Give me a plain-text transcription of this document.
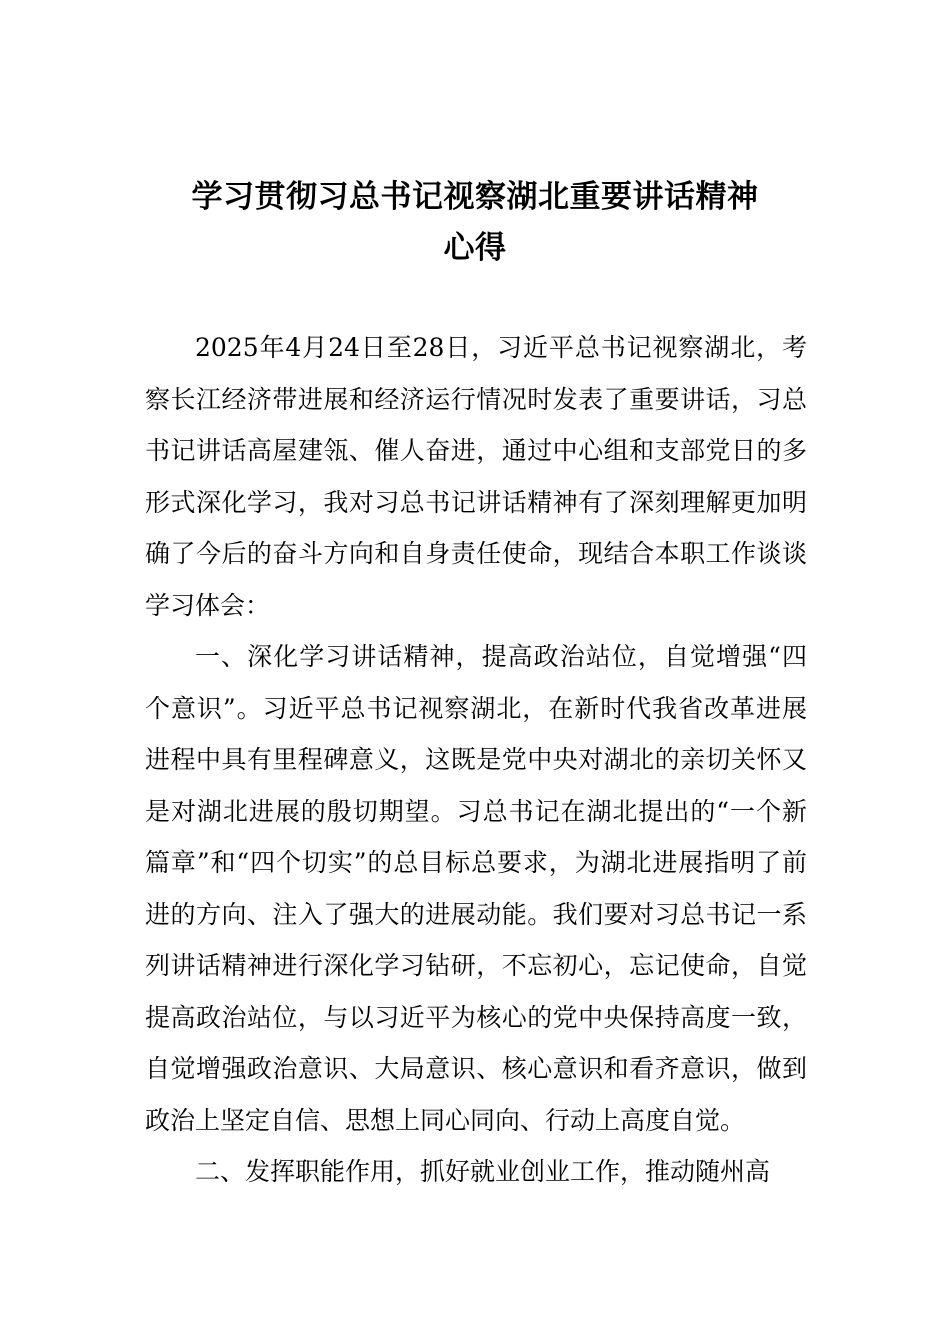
学习贯彻习总书记视察湖北重要讲话精神
心得

2025年4月24日至28日，习近平总书记视察湖北，考察长江经济带进展和经济运行情况时发表了重要讲话，习总书记讲话高屋建瓴、催人奋进，通过中心组和支部党日的多形式深化学习，我对习总书记讲话精神有了深刻理解更加明确了今后的奋斗方向和自身责任使命，现结合本职工作谈谈学习体会：

一、深化学习讲话精神，提高政治站位，自觉增强“四个意识”。习近平总书记视察湖北，在新时代我省改革进展进程中具有里程碑意义，这既是党中央对湖北的亲切关怀又是对湖北进展的殷切期望。习总书记在湖北提出的“一个新篇章”和“四个切实”的总目标总要求，为湖北进展指明了前进的方向、注入了强大的进展动能。我们要对习总书记一系列讲话精神进行深化学习钻研，不忘初心，忘记使命，自觉提高政治站位，与以习近平为核心的党中央保持高度一致，自觉增强政治意识、大局意识、核心意识和看齐意识，做到政治上坚定自信、思想上同心同向、行动上高度自觉。

二、发挥职能作用，抓好就业创业工作，推动随州高
